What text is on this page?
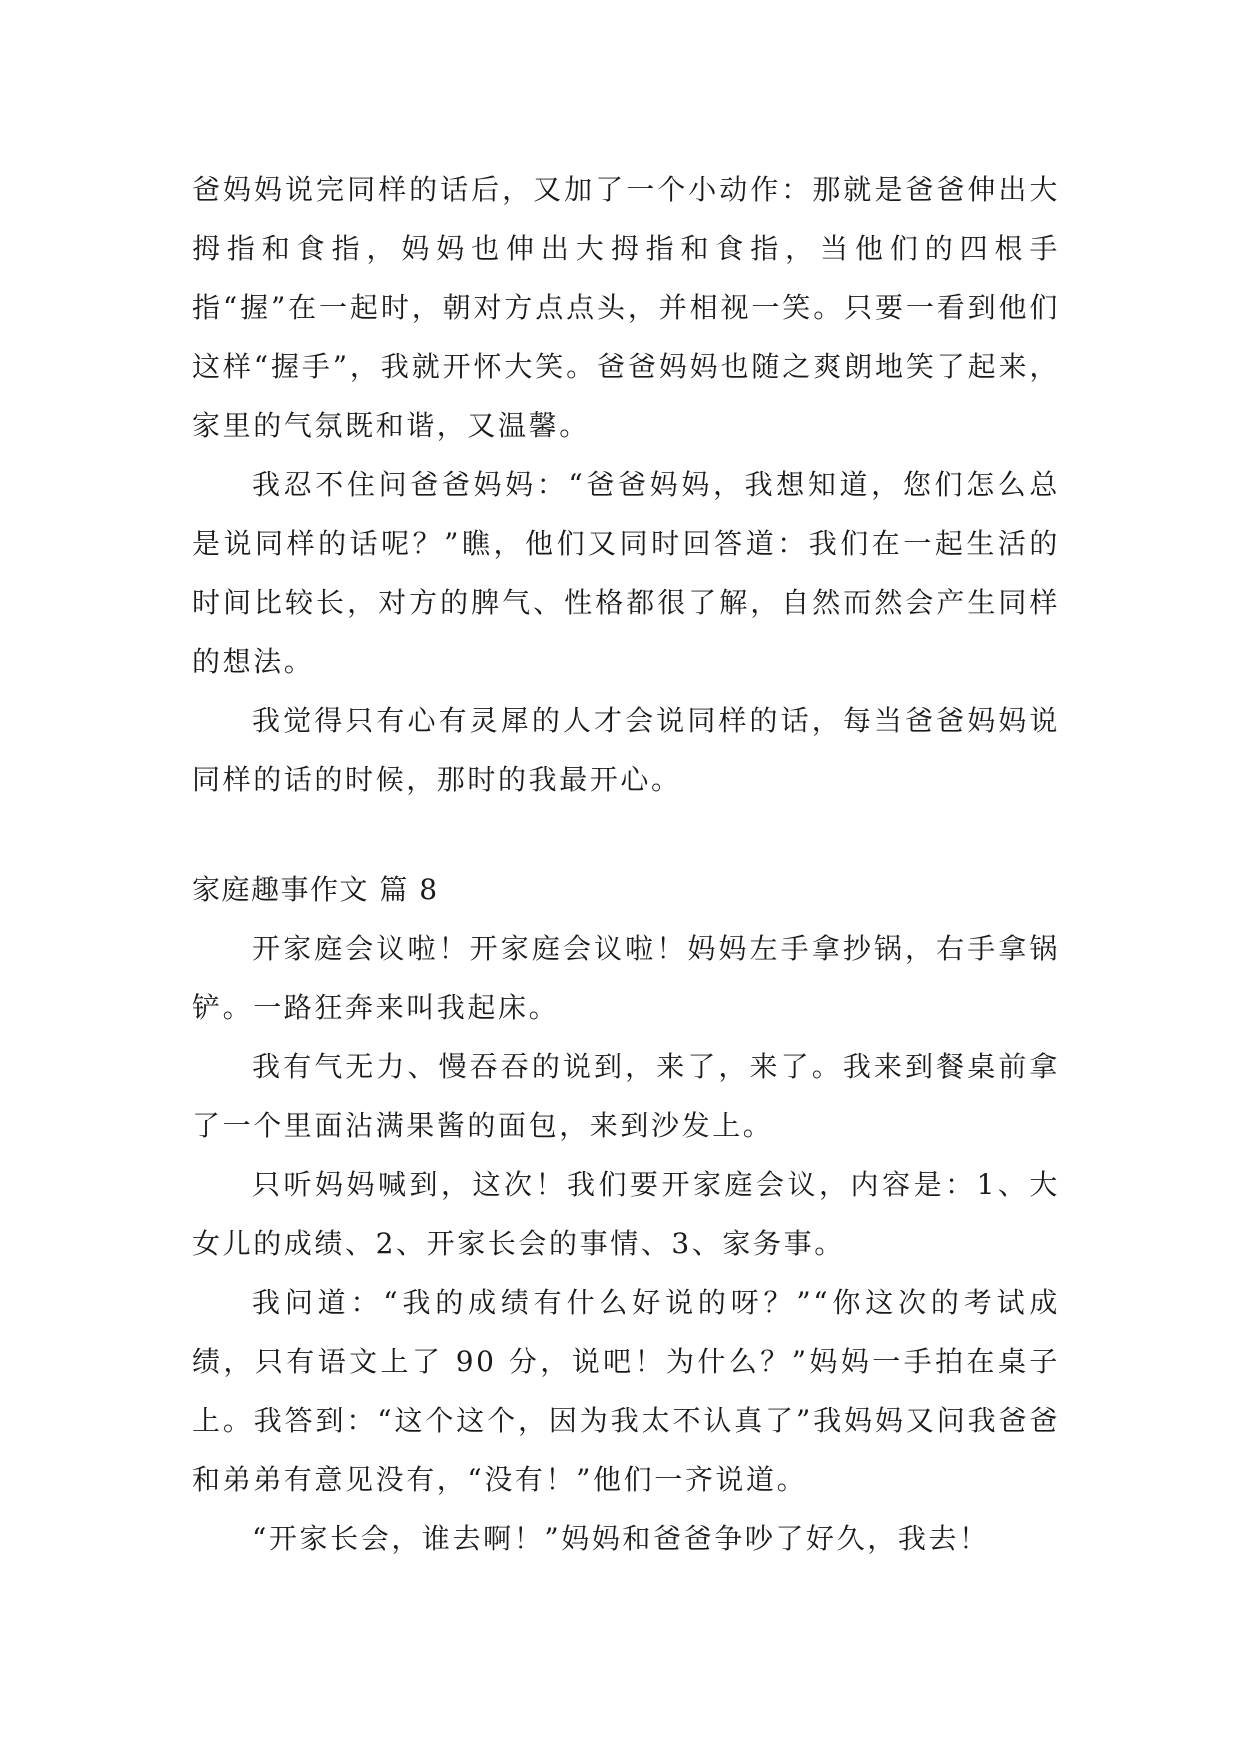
爸妈妈说完同样的话后，又加了一个小动作：那就是爸爸伸出大拇指和食指，妈妈也伸出大拇指和食指，当他们的四根手指“握”在一起时，朝对方点点头，并相视一笑。只要一看到他们这样“握手”，我就开怀大笑。爸爸妈妈也随之爽朗地笑了起来，家里的气氛既和谐，又温馨。

我忍不住问爸爸妈妈：“爸爸妈妈，我想知道，您们怎么总是说同样的话呢？”瞧，他们又同时回答道：我们在一起生活的时间比较长，对方的脾气、性格都很了解，自然而然会产生同样的想法。

我觉得只有心有灵犀的人才会说同样的话，每当爸爸妈妈说同样的话的时候，那时的我最开心。

家庭趣事作文 篇 8

开家庭会议啦！开家庭会议啦！妈妈左手拿抄锅，右手拿锅铲。一路狂奔来叫我起床。

我有气无力、慢吞吞的说到，来了，来了。我来到餐桌前拿了一个里面沾满果酱的面包，来到沙发上。

只听妈妈喊到，这次！我们要开家庭会议，内容是：1、大女儿的成绩、2、开家长会的事情、3、家务事。

我问道：“我的成绩有什么好说的呀？”“你这次的考试成绩，只有语文上了 90 分，说吧！为什么？”妈妈一手拍在桌子上。我答到：“这个这个，因为我太不认真了”我妈妈又问我爸爸和弟弟有意见没有，“没有！”他们一齐说道。

“开家长会，谁去啊！”妈妈和爸爸争吵了好久，我去！
